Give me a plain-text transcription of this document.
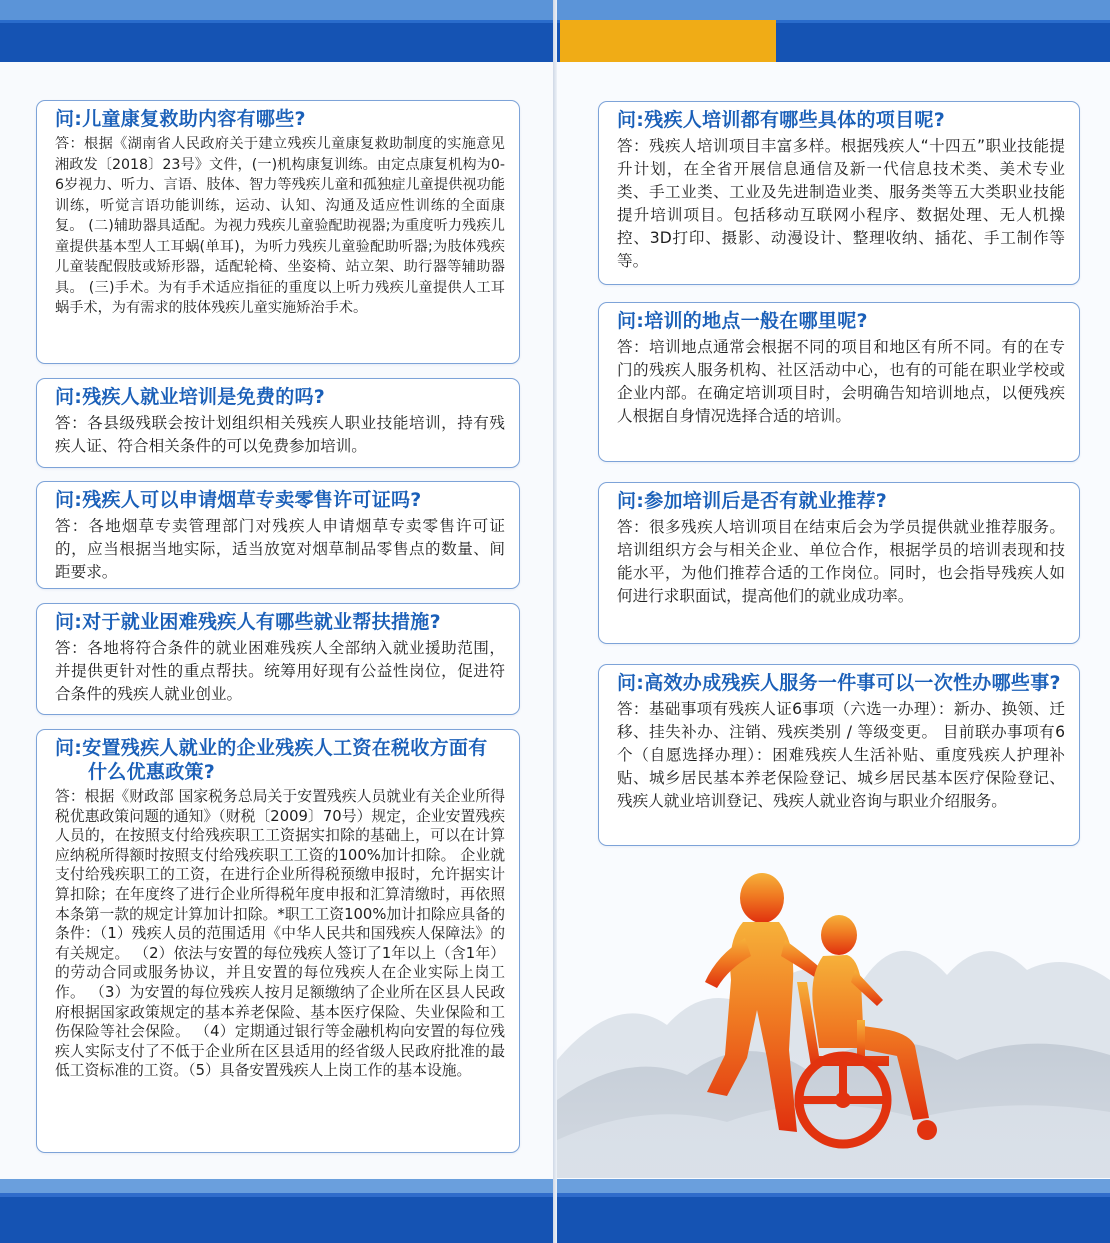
问:儿童康复救助内容有哪些?

答：根据《湖南省人民政府关于建立残疾儿童康复救助制度的实施意见湘政发〔2018〕23号》文件，(一)机构康复训练。由定点康复机构为0-6岁视力、听力、言语、肢体、智力等残疾儿童和孤独症儿童提供视功能训练，听觉言语功能训练，运动、认知、沟通及适应性训练的全面康复。 (二)辅助器具适配。为视力残疾儿童验配助视器;为重度听力残疾儿童提供基本型人工耳蜗(单耳)，为听力残疾儿童验配助听器;为肢体残疾儿童装配假肢或矫形器，适配轮椅、坐姿椅、站立架、助行器等辅助器具。 (三)手术。为有手术适应指征的重度以上听力残疾儿童提供人工耳蜗手术，为有需求的肢体残疾儿童实施矫治手术。

问:残疾人就业培训是免费的吗?

答：各县级残联会按计划组织相关残疾人职业技能培训，持有残疾人证、符合相关条件的可以免费参加培训。

问:残疾人可以申请烟草专卖零售许可证吗?

答：各地烟草专卖管理部门对残疾人申请烟草专卖零售许可证的，应当根据当地实际，适当放宽对烟草制品零售点的数量、间距要求。

问:对于就业困难残疾人有哪些就业帮扶措施?

答：各地将符合条件的就业困难残疾人全部纳入就业援助范围，并提供更针对性的重点帮扶。统筹用好现有公益性岗位，促进符合条件的残疾人就业创业。

问:安置残疾人就业的企业残疾人工资在税收方面有什么优惠政策?

答：根据《财政部 国家税务总局关于安置残疾人员就业有关企业所得税优惠政策问题的通知》（财税〔2009〕70号）规定，企业安置残疾人员的，在按照支付给残疾职工工资据实扣除的基础上，可以在计算应纳税所得额时按照支付给残疾职工工资的100%加计扣除。 企业就支付给残疾职工的工资，在进行企业所得税预缴申报时，允许据实计算扣除；在年度终了进行企业所得税年度申报和汇算清缴时，再依照本条第一款的规定计算加计扣除。*职工工资100%加计扣除应具备的条件：（1）残疾人员的范围适用《中华人民共和国残疾人保障法》的有关规定。 （2）依法与安置的每位残疾人签订了1年以上（含1年）的劳动合同或服务协议，并且安置的每位残疾人在企业实际上岗工作。 （3）为安置的每位残疾人按月足额缴纳了企业所在区县人民政府根据国家政策规定的基本养老保险、基本医疗保险、失业保险和工伤保险等社会保险。 （4）定期通过银行等金融机构向安置的每位残疾人实际支付了不低于企业所在区县适用的经省级人民政府批准的最低工资标准的工资。（5）具备安置残疾人上岗工作的基本设施。

问:残疾人培训都有哪些具体的项目呢?

答：残疾人培训项目丰富多样。根据残疾人“十四五”职业技能提升计划，在全省开展信息通信及新一代信息技术类、美术专业类、手工业类、工业及先进制造业类、服务类等五大类职业技能提升培训项目。包括移动互联网小程序、数据处理、无人机操控、3D打印、摄影、动漫设计、整理收纳、插花、手工制作等等。

问:培训的地点一般在哪里呢?

答：培训地点通常会根据不同的项目和地区有所不同。有的在专门的残疾人服务机构、社区活动中心，也有的可能在职业学校或企业内部。在确定培训项目时，会明确告知培训地点，以便残疾人根据自身情况选择合适的培训。

问:参加培训后是否有就业推荐?

答：很多残疾人培训项目在结束后会为学员提供就业推荐服务。培训组织方会与相关企业、单位合作，根据学员的培训表现和技能水平，为他们推荐合适的工作岗位。同时，也会指导残疾人如何进行求职面试，提高他们的就业成功率。

问:高效办成残疾人服务一件事可以一次性办哪些事?

答：基础事项有残疾人证6事项（六选一办理）：新办、换领、迁移、挂失补办、注销、残疾类别 / 等级变更。 目前联办事项有6个（自愿选择办理）：困难残疾人生活补贴、重度残疾人护理补贴、城乡居民基本养老保险登记、城乡居民基本医疗保险登记、残疾人就业培训登记、残疾人就业咨询与职业介绍服务。
